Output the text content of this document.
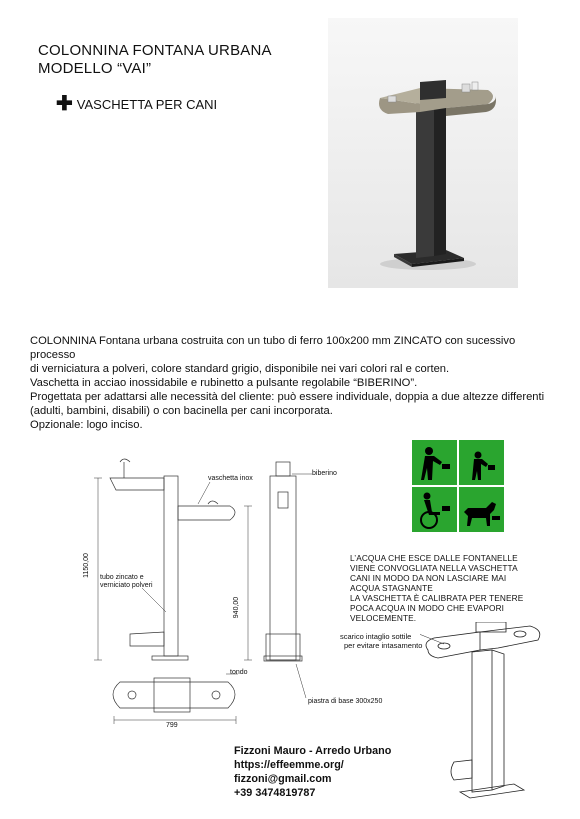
COLONNINA FONTANA URBANA
MODELLO “VAI”
✚ VASCHETTA PER CANI

COLONNINA Fontana urbana costruita con un tubo di ferro 100x200 mm ZINCATO con sucessivo processo

di verniciatura a polveri, colore standard grigio, disponibile nei vari colori ral e corten.

Vaschetta in acciao inossidabile e rubinetto a pulsante regolabile “BIBERINO”.

Progettata per adattarsi alle necessità del cliente: può essere individuale, doppia a due altezze differenti

(adulti, bambini, disabili) o con bacinella per cani incorporata.

Opzionale: logo inciso.

vaschetta inox
biberino
tubo zincato e
verniciato polveri
1150,00
940,00
tondo
799
piastra di base 300x250
L’ACQUA CHE ESCE DALLE FONTANELLE
VIENE CONVOGLIATA NELLA VASCHETTA
CANI IN MODO DA NON LASCIARE MAI
ACQUA STAGNANTE
LA VASCHETTA È CALIBRATA PER TENERE
POCA ACQUA IN MODO CHE EVAPORI
VELOCEMENTE.
scarico intaglio sottile
per evitare intasamento
Fizzoni Mauro - Arredo Urbano
https://effeemme.org/
fizzoni@gmail.com
+39 3474819787
